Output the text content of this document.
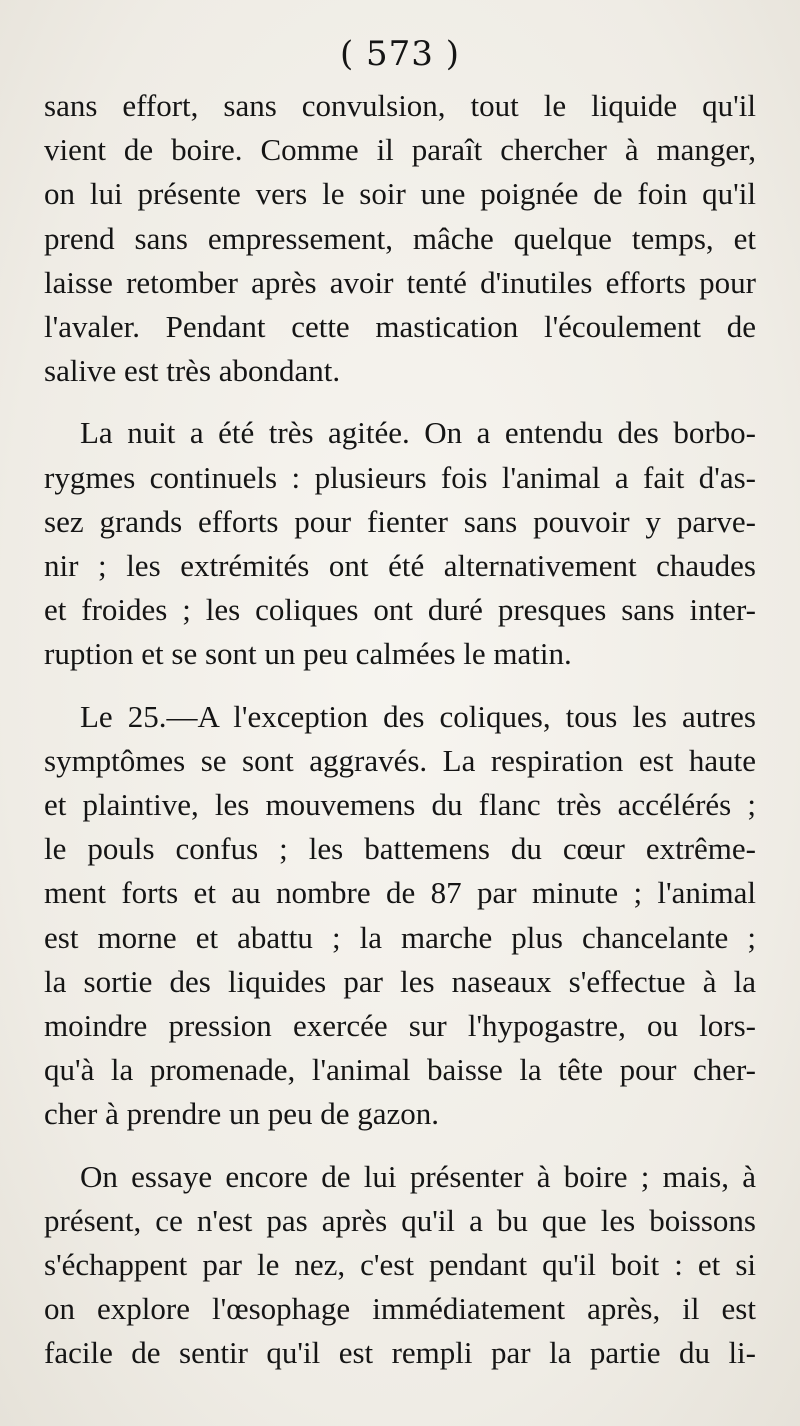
( 573 )
sans effort, sans convulsion, tout le liquide qu'il
vient de boire. Comme il paraît chercher à manger,
on lui présente vers le soir une poignée de foin qu'il
prend sans empressement, mâche quelque temps, et
laisse retomber après avoir tenté d'inutiles efforts pour
l'avaler. Pendant cette mastication l'écoulement de
salive est très abondant.
La nuit a été très agitée. On a entendu des borbo-
rygmes continuels : plusieurs fois l'animal a fait d'as-
sez grands efforts pour fienter sans pouvoir y parve-
nir ; les extrémités ont été alternativement chaudes
et froides ; les coliques ont duré presques sans inter-
ruption et se sont un peu calmées le matin.
Le 25.—A l'exception des coliques, tous les autres
symptômes se sont aggravés. La respiration est haute
et plaintive, les mouvemens du flanc très accélérés ;
le pouls confus ; les battemens du cœur extrême-
ment forts et au nombre de 87 par minute ; l'animal
est morne et abattu ; la marche plus chancelante ;
la sortie des liquides par les naseaux s'effectue à la
moindre pression exercée sur l'hypogastre, ou lors-
qu'à la promenade, l'animal baisse la tête pour cher-
cher à prendre un peu de gazon.
On essaye encore de lui présenter à boire ; mais, à
présent, ce n'est pas après qu'il a bu que les boissons
s'échappent par le nez, c'est pendant qu'il boit : et si
on explore l'œsophage immédiatement après, il est
facile de sentir qu'il est rempli par la partie du li-
